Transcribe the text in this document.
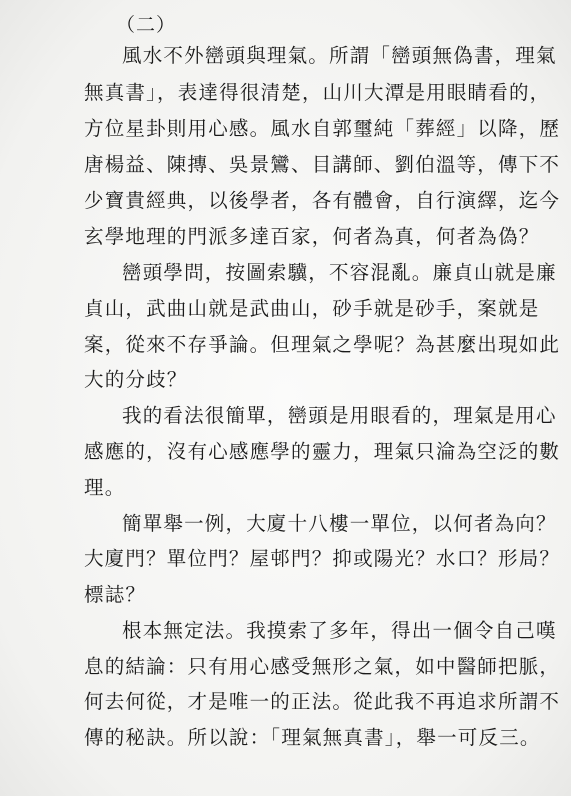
（二）
風水不外巒頭與理氣。所謂「巒頭無偽書，理氣
無真書」，表達得很清楚，山川大潭是用眼睛看的，
方位星卦則用心感。風水自郭璽純「葬經」以降，歷
唐楊益、陳摶、吳景鸞、目講師、劉伯溫等，傳下不
少寶貴經典，以後學者，各有體會，自行演繹，迄今
玄學地理的門派多達百家，何者為真，何者為偽？
巒頭學問，按圖索驥，不容混亂。廉貞山就是廉
貞山，武曲山就是武曲山，砂手就是砂手，案就是
案，從來不存爭論。但理氣之學呢？為甚麼出現如此
大的分歧？
我的看法很簡單，巒頭是用眼看的，理氣是用心
感應的，沒有心感應學的靈力，理氣只淪為空泛的數
理。
簡單舉一例，大廈十八樓一單位，以何者為向？
大廈門？單位門？屋邨門？抑或陽光？水口？形局？
標誌？
根本無定法。我摸索了多年，得出一個令自己嘆
息的結論：只有用心感受無形之氣，如中醫師把脈，
何去何從，才是唯一的正法。從此我不再追求所謂不
傳的秘訣。所以說：「理氣無真書」，舉一可反三。
